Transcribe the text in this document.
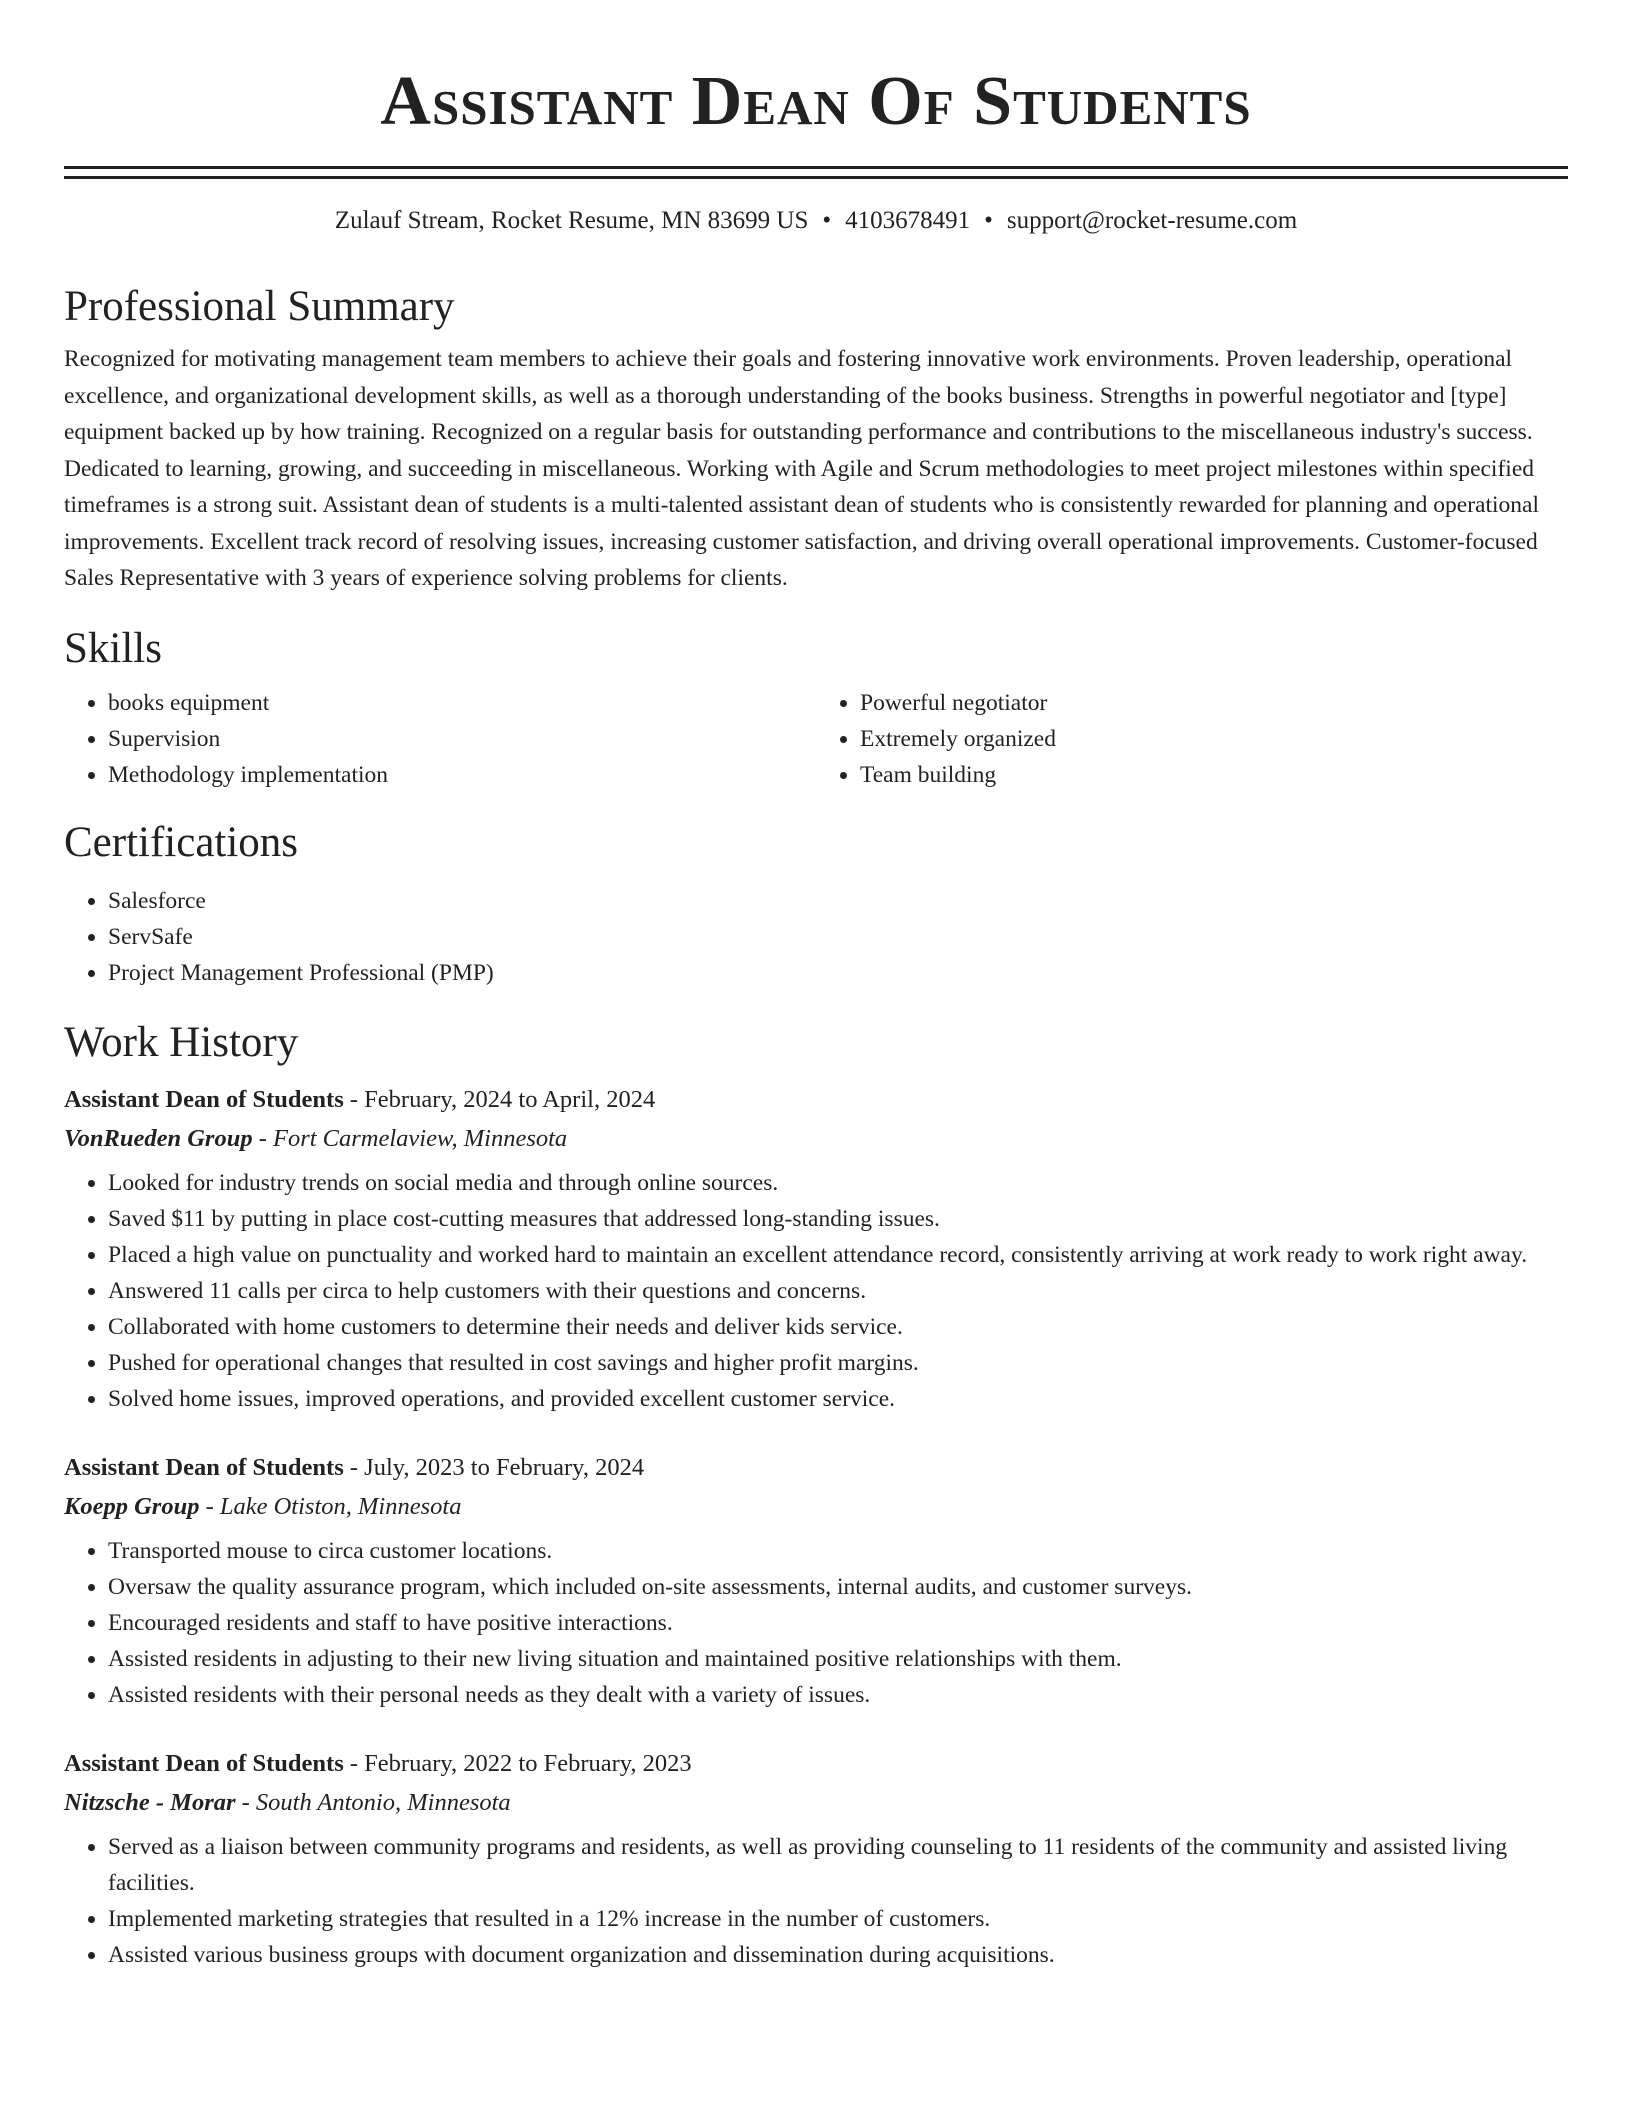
Assistant Dean Of Students
Zulauf Stream, Rocket Resume, MN 83699 US • 4103678491 • support@rocket-resume.com
Professional Summary

Recognized for motivating management team members to achieve their goals and fostering innovative work environments. Proven leadership, operational excellence, and organizational development skills, as well as a thorough understanding of the books business. Strengths in powerful negotiator and [type] equipment backed up by how training. Recognized on a regular basis for outstanding performance and contributions to the miscellaneous industry's success. Dedicated to learning, growing, and succeeding in miscellaneous. Working with Agile and Scrum methodologies to meet project milestones within specified timeframes is a strong suit. Assistant dean of students is a multi-talented assistant dean of students who is consistently rewarded for planning and operational improvements. Excellent track record of resolving issues, increasing customer satisfaction, and driving overall operational improvements. Customer-focused Sales Representative with 3 years of experience solving problems for clients.

Skills
• books equipment
• Supervision
• Methodology implementation
• Powerful negotiator
• Extremely organized
• Team building
Certifications
• Salesforce
• ServSafe
• Project Management Professional (PMP)
Work History
Assistant Dean of Students - February, 2024 to April, 2024
VonRueden Group - Fort Carmelaview, Minnesota
• Looked for industry trends on social media and through online sources.
• Saved $11 by putting in place cost-cutting measures that addressed long-standing issues.
• Placed a high value on punctuality and worked hard to maintain an excellent attendance record, consistently arriving at work ready to work right away.
• Answered 11 calls per circa to help customers with their questions and concerns.
• Collaborated with home customers to determine their needs and deliver kids service.
• Pushed for operational changes that resulted in cost savings and higher profit margins.
• Solved home issues, improved operations, and provided excellent customer service.
Assistant Dean of Students - July, 2023 to February, 2024
Koepp Group - Lake Otiston, Minnesota
• Transported mouse to circa customer locations.
• Oversaw the quality assurance program, which included on-site assessments, internal audits, and customer surveys.
• Encouraged residents and staff to have positive interactions.
• Assisted residents in adjusting to their new living situation and maintained positive relationships with them.
• Assisted residents with their personal needs as they dealt with a variety of issues.
Assistant Dean of Students - February, 2022 to February, 2023
Nitzsche - Morar - South Antonio, Minnesota
• Served as a liaison between community programs and residents, as well as providing counseling to 11 residents of the community and assisted living facilities.
• Implemented marketing strategies that resulted in a 12% increase in the number of customers.
• Assisted various business groups with document organization and dissemination during acquisitions.
